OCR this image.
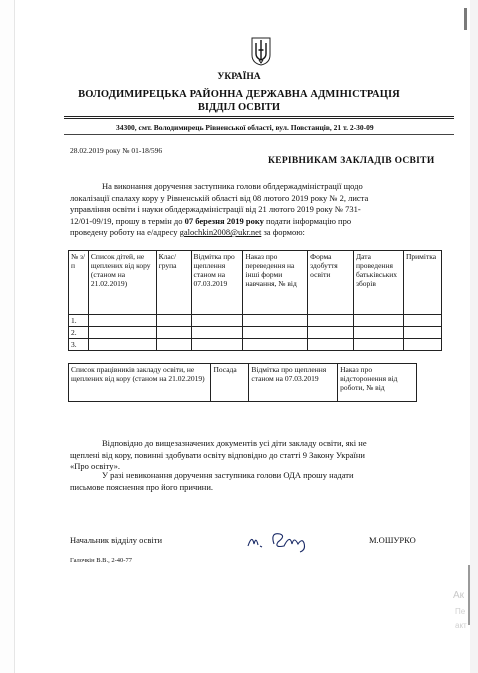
УКРАЇНА
ВОЛОДИМИРЕЦЬКА РАЙОННА ДЕРЖАВНА АДМІНІСТРАЦІЯ
ВІДДІЛ ОСВІТИ
34300, смт. Володимирець Рівненської області, вул. Повстанців, 21 т. 2-30-09
28.02.2019 року № 01-18/596
КЕРІВНИКАМ ЗАКЛАДІВ ОСВІТИ
На виконання доручення заступника голови облдержадміністрації щодо
локалізації спалаху кору у Рівненській області від 08 лютого 2019 року № 2, листа
управління освіти і науки облдержадміністрації від 21 лютого 2019 року № 731-
12/01-09/19, прошу в термін до 07 березня 2019 року подати інформацію про
проведену роботу на е/адресу galochkin2008@ukr.net за формою:
№ з/п	Список дітей, не щеплених від кору (станом на 21.02.2019)	Клас/ група	Відмітка про щеплення станом на 07.03.2019	Наказ про переведення на інші форми навчання, № від	Форма здобуття освіти	Дата проведення батьківських зборів	Примітка
1.							
2.							
3.							
Список працівників закладу освіти, не щеплених від кору (станом на 21.02.2019)	Посада	Відмітка про щеплення станом на 07.03.2019	Наказ про відсторонення від роботи, № від
Відповідно до вищезазначених документів усі діти закладу освіти, які не
щеплені від кору, повинні здобувати освіту відповідно до статті 9 Закону України
«Про освіту».
У разі невиконання доручення заступника голови ОДА прошу надати
письмове пояснення про його причини.
Начальник відділу освіти	М.ОШУРКО
Галочкін В.В., 2-40-77
Ак
Пе
акт
